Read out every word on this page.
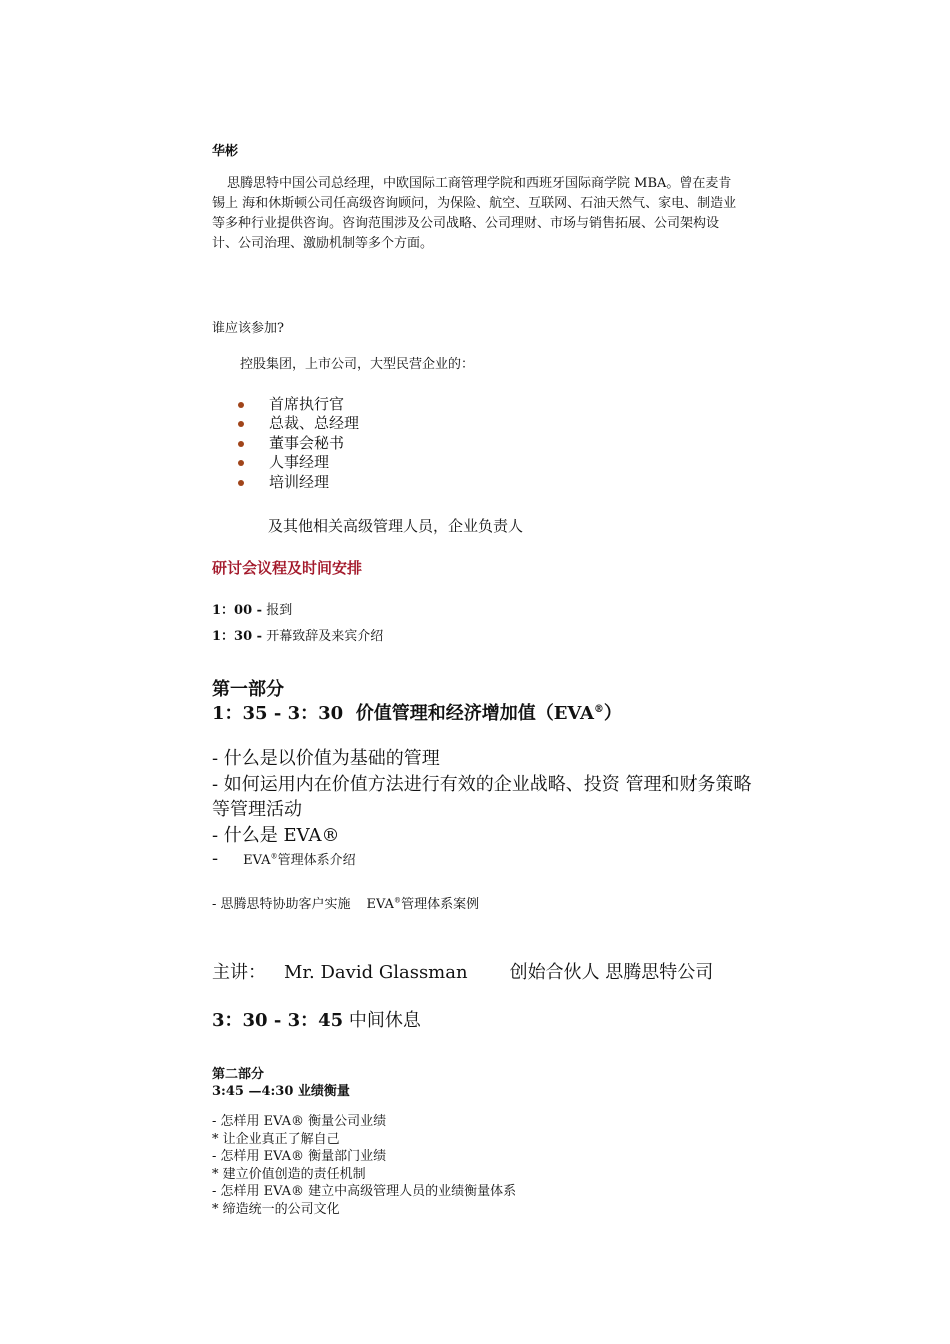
华彬

思腾思特中国公司总经理，中欧国际工商管理学院和西班牙国际商学院 MBA。曾在麦肯锡上 海和休斯顿公司任高级咨询顾问，为保险、航空、互联网、石油天然气、家电、制造业等多种行业提供咨询。咨询范围涉及公司战略、公司理财、市场与销售拓展、公司架构设计、公司治理、激励机制等多个方面。

谁应该参加?
控股集团，上市公司，大型民营企业的：
首席执行官
总裁、总经理
董事会秘书
人事经理
培训经理
及其他相关高级管理人员，企业负责人
研讨会议程及时间安排
1：00 - 报到
1：30 - 开幕致辞及来宾介绍
第一部分
1：35 - 3：30 价值管理和经济增加值（EVA®）
- 什么是以价值为基础的管理
- 如何运用内在价值方法进行有效的企业战略、投资 管理和财务策略等管理活动
- 什么是 EVA®
- EVA®管理体系介绍
- 思腾思特协助客户实施 EVA®管理体系案例
主讲： Mr. David Glassman 创始合伙人 思腾思特公司
3：30 - 3：45 中间休息
第二部分
3:45 —4:30 业绩衡量
- 怎样用 EVA® 衡量公司业绩
* 让企业真正了解自己
- 怎样用 EVA® 衡量部门业绩
* 建立价值创造的责任机制
- 怎样用 EVA® 建立中高级管理人员的业绩衡量体系
* 缔造统一的公司文化
